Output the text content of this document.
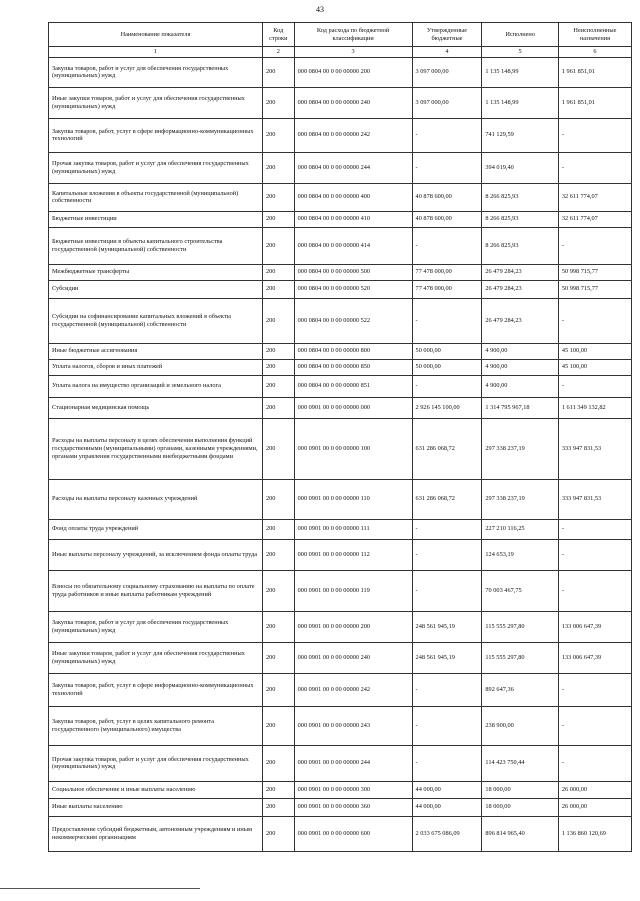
43
Наименование показателя	Код строки	Код расхода по бюджетной классификации	Утвержденные бюджетные	Исполнено	Неисполненные назначения
1	2	3	4	5	6
Закупка товаров, работ и услуг для обеспечения государственных (муниципальных) нужд	200	000 0804 00 0 00 00000 200	3 097 000,00	1 135 148,99	1 961 851,01
Иные закупки товаров, работ и услуг для обеспечения государственных (муниципальных) нужд	200	000 0804 00 0 00 00000 240	3 097 000,00	1 135 148,99	1 961 851,01
Закупка товаров, работ, услуг в сфере информационно-коммуникационных технологий	200	000 0804 00 0 00 00000 242	-	741 129,59	-
Прочая закупка товаров, работ и услуг для обеспечения государственных (муниципальных) нужд	200	000 0804 00 0 00 00000 244	-	394 019,40	-
Капитальные вложения в объекты государственной (муниципальной) собственности	200	000 0804 00 0 00 00000 400	40 878 600,00	8 266 825,93	32 611 774,07
Бюджетные инвестиции	200	000 0804 00 0 00 00000 410	40 878 600,00	8 266 825,93	32 611 774,07
Бюджетные инвестиции в объекты капитального строительства государственной (муниципальной) собственности	200	000 0804 00 0 00 00000 414	-	8 266 825,93	-
Межбюджетные трансферты	200	000 0804 00 0 00 00000 500	77 478 000,00	26 479 284,23	50 998 715,77
Субсидии	200	000 0804 00 0 00 00000 520	77 478 000,00	26 479 284,23	50 998 715,77
Субсидии на софинансирование капитальных вложений в объекты государственной (муниципальной) собственности	200	000 0804 00 0 00 00000 522	-	26 479 284,23	-
Иные бюджетные ассигнования	200	000 0804 00 0 00 00000 800	50 000,00	4 900,00	45 100,00
Уплата налогов, сборов и иных платежей	200	000 0804 00 0 00 00000 850	50 000,00	4 900,00	45 100,00
Уплата налога на имущество организаций и земельного налога	200	000 0804 00 0 00 00000 851	-	4 900,00	-
Стационарная медицинская помощь	200	000 0901 00 0 00 00000 000	2 926 145 100,00	1 314 795 967,18	1 611 349 132,82
Расходы на выплаты персоналу в целях обеспечения выполнения функций государственными (муниципальными) органами, казенными учреждениями, органами управления государственными внебюджетными фондами	200	000 0901 00 0 00 00000 100	631 286 068,72	297 338 237,19	333 947 831,53
Расходы на выплаты персоналу казенных учреждений	200	000 0901 00 0 00 00000 110	631 286 068,72	297 338 237,19	333 947 831,53
Фонд оплаты труда учреждений	200	000 0901 00 0 00 00000 111	-	227 210 116,25	-
Иные выплаты персоналу учреждений, за исключением фонда оплаты труда	200	000 0901 00 0 00 00000 112	-	124 653,19	-
Взносы по обязательному социальному страхованию на выплаты по оплате труда работников и иные выплаты работникам учреждений	200	000 0901 00 0 00 00000 119	-	70 003 467,75	-
Закупка товаров, работ и услуг для обеспечения государственных (муниципальных) нужд	200	000 0901 00 0 00 00000 200	248 561 945,19	115 555 297,80	133 006 647,39
Иные закупки товаров, работ и услуг для обеспечения государственных (муниципальных) нужд	200	000 0901 00 0 00 00000 240	248 561 945,19	115 555 297,80	133 006 647,39
Закупка товаров, работ, услуг в сфере информационно-коммуникационных технологий	200	000 0901 00 0 00 00000 242	-	892 647,36	-
Закупка товаров, работ, услуг в целях капитального ремонта государственного (муниципального) имущества	200	000 0901 00 0 00 00000 243	-	238 900,00	-
Прочая закупка товаров, работ и услуг для обеспечения государственных (муниципальных) нужд	200	000 0901 00 0 00 00000 244	-	114 423 750,44	-
Социальное обеспечение и иные выплаты населению	200	000 0901 00 0 00 00000 300	44 000,00	18 000,00	26 000,00
Иные выплаты населению	200	000 0901 00 0 00 00000 360	44 000,00	18 000,00	26 000,00
Предоставление субсидий бюджетным, автономным учреждениям и иным некоммерческим организациям	200	000 0901 00 0 00 00000 600	2 033 675 086,09	896 814 965,40	1 136 860 120,69
